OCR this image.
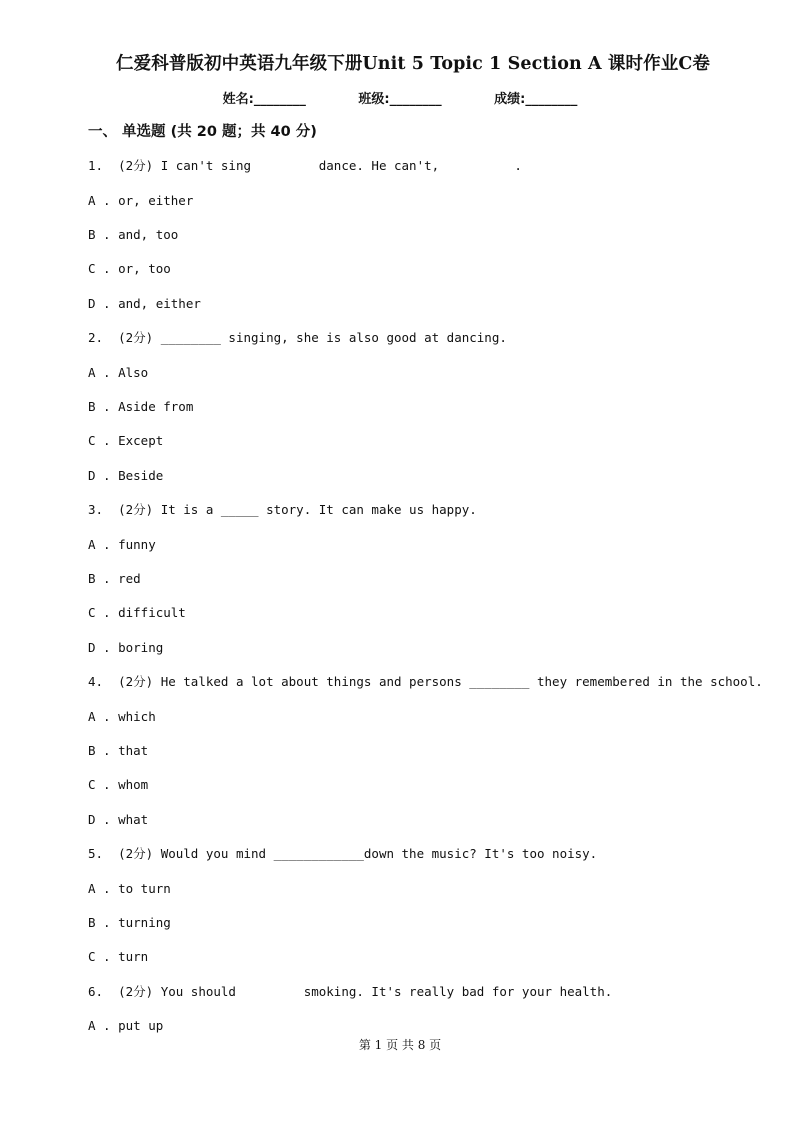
仁爱科普版初中英语九年级下册Unit 5 Topic 1 Section A 课时作业C卷
姓名:________	班级:________	成绩:________
一、 单选题 (共 20 题；共 40 分)
1.  (2分) I can't sing         dance. He can't,          .
A . or, either
B . and, too
C . or, too
D . and, either
2.  (2分) ________ singing, she is also good at dancing.
A . Also
B . Aside from
C . Except
D . Beside
3.  (2分) It is a _____ story. It can make us happy.
A . funny
B . red
C . difficult
D . boring
4.  (2分) He talked a lot about things and persons ________ they remembered in the school.
A . which
B . that
C . whom
D . what
5.  (2分) Would you mind ____________down the music? It's too noisy.
A . to turn
B . turning
C . turn
6.  (2分) You should         smoking. It's really bad for your health.
A . put up
第 1 页 共 8 页
